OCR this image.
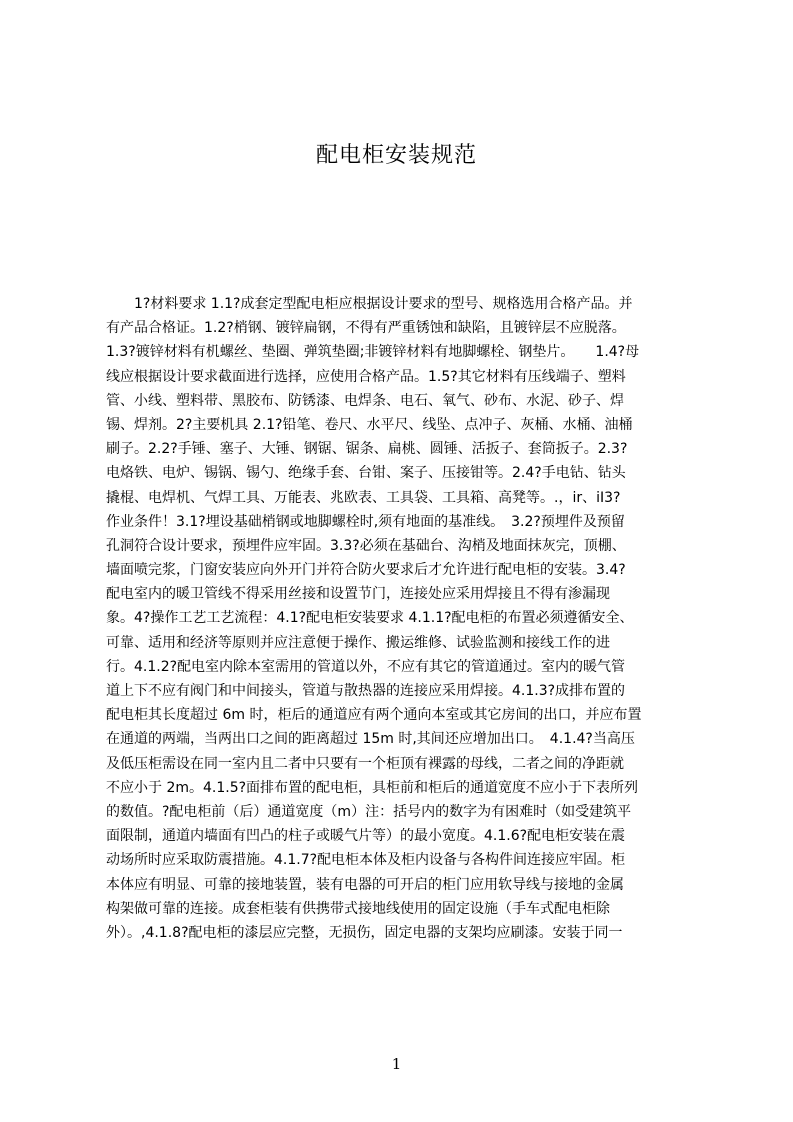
配电柜安装规范
1?材料要求 1.1?成套定型配电柜应根据设计要求的型号、规格选用合格产品。并
有产品合格证。1.2?梢钢、镀锌扁钢，不得有严重锈蚀和缺陷，且镀锌层不应脱落。
1.3?镀锌材料有机螺丝、垫圈、弹筑垫圈;非镀锌材料有地脚螺栓、钢垫片。　　1.4?母
线应根据设计要求截面进行选择，应使用合格产品。1.5?其它材料有压线端子、塑料
管、小线、塑料带、黑胶布、防锈漆、电焊条、电石、氧气、砂布、水泥、砂子、焊
锡、焊剂。2?主要机具 2.1?铅笔、卷尺、水平尺、线坠、点冲子、灰桶、水桶、油桶
刷子。2.2?手锤、塞子、大锤、钢锯、锯条、扁桃、圆锤、活扳子、套筒扳子。2.3?
电烙铁、电炉、锡锅、锡勺、绝缘手套、台钳、案子、压接钳等。2.4?手电钻、钻头
撬棍、电焊机、气焊工具、万能表、兆欧表、工具袋、工具箱、高凳等。.，ir、iI3?
作业条件！3.1?埋设基础梢钢或地脚螺栓时,须有地面的基准线。　3.2?预埋件及预留
孔洞符合设计要求，预埋件应牢固。3.3?必须在基础台、沟梢及地面抹灰完，顶棚、
墙面喷完浆，门窗安装应向外开门并符合防火要求后才允许进行配电柜的安装。3.4?
配电室内的暖卫管线不得采用丝接和设置节门，连接处应采用焊接且不得有渗漏现
象。4?操作工艺工艺流程：4.1?配电柜安装要求 4.1.1?配电柜的布置必须遵循安全、
可靠、适用和经济等原则并应注意便于操作、搬运维修、试验监测和接线工作的进
行。4.1.2?配电室内除本室需用的管道以外，不应有其它的管道通过。室内的暖气管
道上下不应有阀门和中间接头，管道与散热器的连接应采用焊接。4.1.3?成排布置的
配电柜其长度超过 6m 时，柜后的通道应有两个通向本室或其它房间的出口，并应布置
在通道的两端，当两出口之间的距离超过 15m 时,其间还应增加出口。　4.1.4?当高压
及低压柜需设在同一室内且二者中只要有一个柜顶有裸露的母线，二者之间的净距就
不应小于 2m。4.1.5?面排布置的配电柜，具柜前和柜后的通道宽度不应小于下表所列
的数值。?配电柜前（后）通道宽度（m）注：括号内的数字为有困难时（如受建筑平
面限制，通道内墙面有凹凸的柱子或暖气片等）的最小宽度。4.1.6?配电柜安装在震
动场所时应采取防震措施。4.1.7?配电柜本体及柜内设备与各构件间连接应牢固。柜
本体应有明显、可靠的接地装置，装有电器的可开启的柜门应用软导线与接地的金属
构架做可靠的连接。成套柜装有供携带式接地线使用的固定设施（手车式配电柜除
外）。,4.1.8?配电柜的漆层应完整，无损伤，固定电器的支架均应刷漆。安装于同一
1
